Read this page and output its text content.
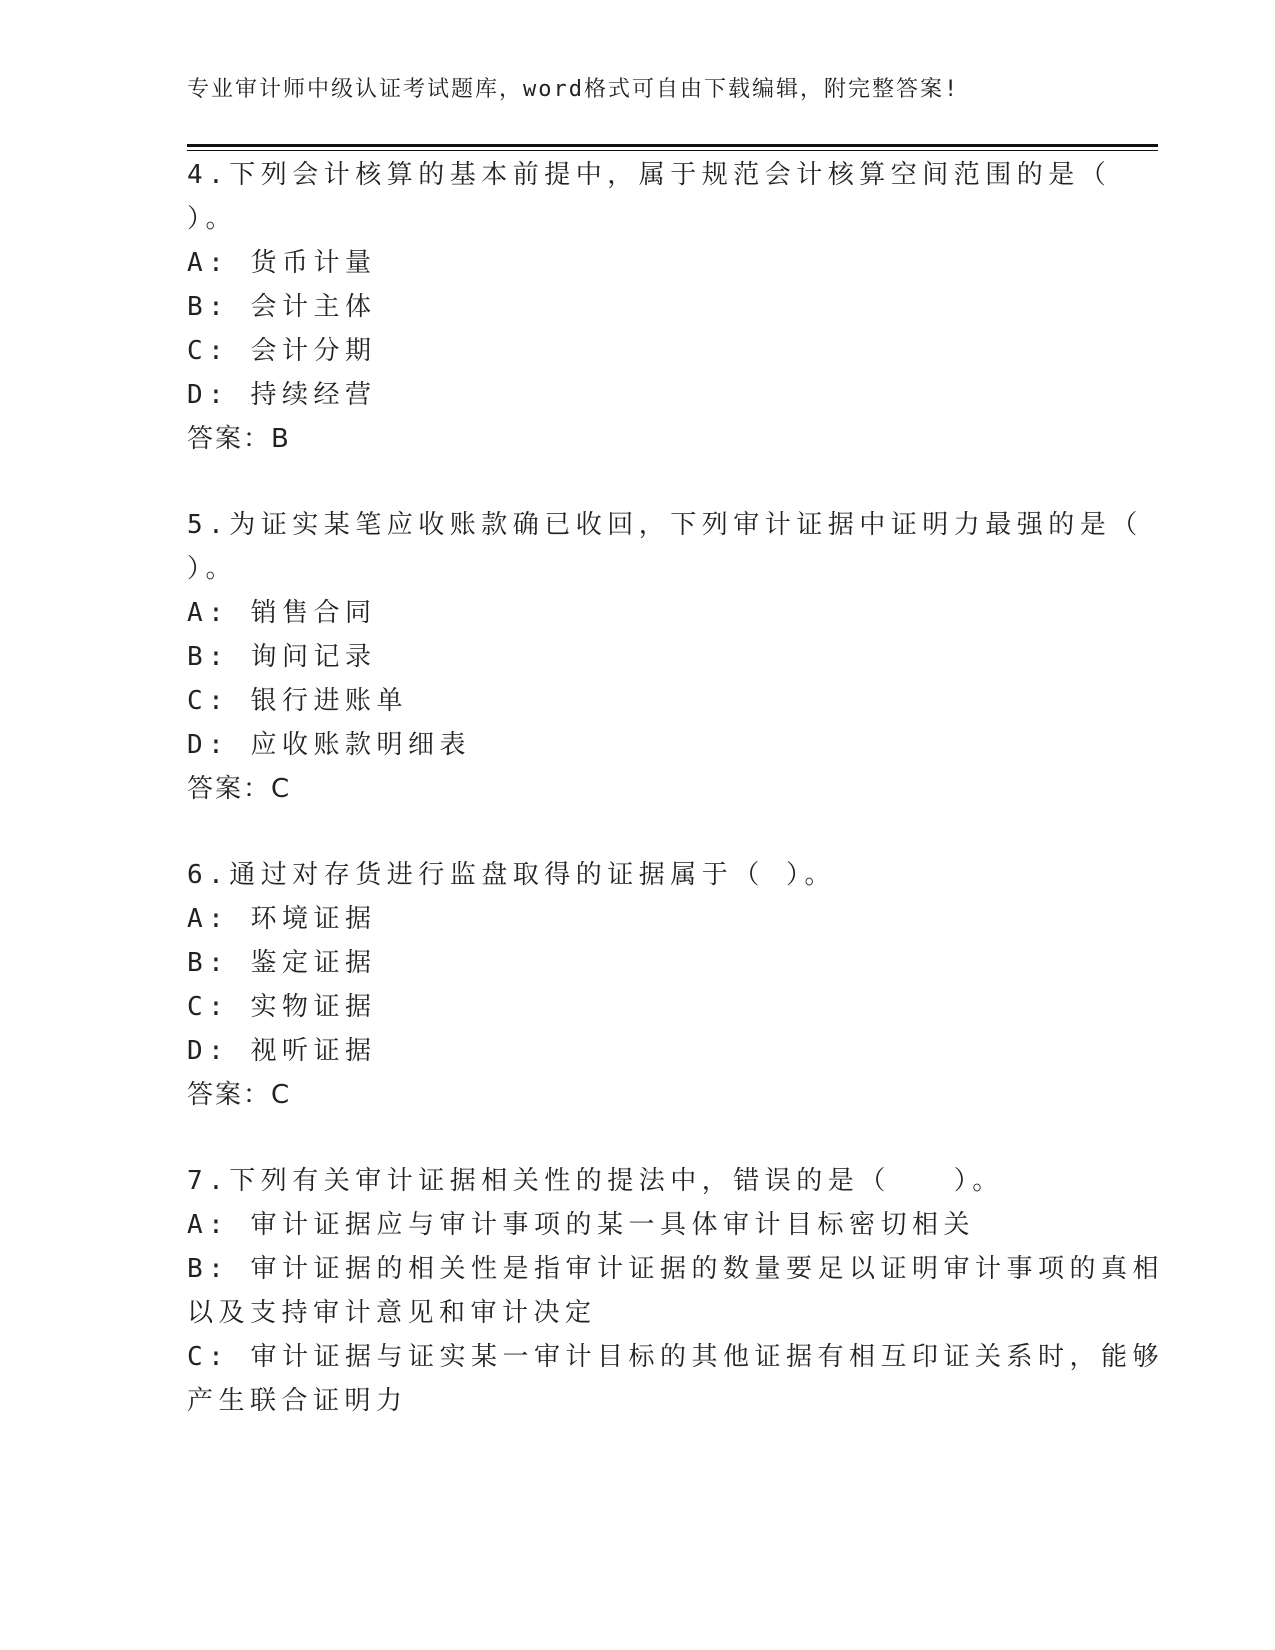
专业审计师中级认证考试题库，word格式可自由下载编辑，附完整答案!
4.下列会计核算的基本前提中，属于规范会计核算空间范围的是（
）。
A: 货币计量
B: 会计主体
C: 会计分期
D: 持续经营
答案：B
5.为证实某笔应收账款确已收回，下列审计证据中证明力最强的是（
）。
A: 销售合同
B: 询问记录
C: 银行进账单
D: 应收账款明细表
答案：C
6.通过对存货进行监盘取得的证据属于（ ）。
A: 环境证据
B: 鉴定证据
C: 实物证据
D: 视听证据
答案：C
7.下列有关审计证据相关性的提法中，错误的是（　　）。
A: 审计证据应与审计事项的某一具体审计目标密切相关
B: 审计证据的相关性是指审计证据的数量要足以证明审计事项的真相
以及支持审计意见和审计决定
C: 审计证据与证实某一审计目标的其他证据有相互印证关系时，能够
产生联合证明力
